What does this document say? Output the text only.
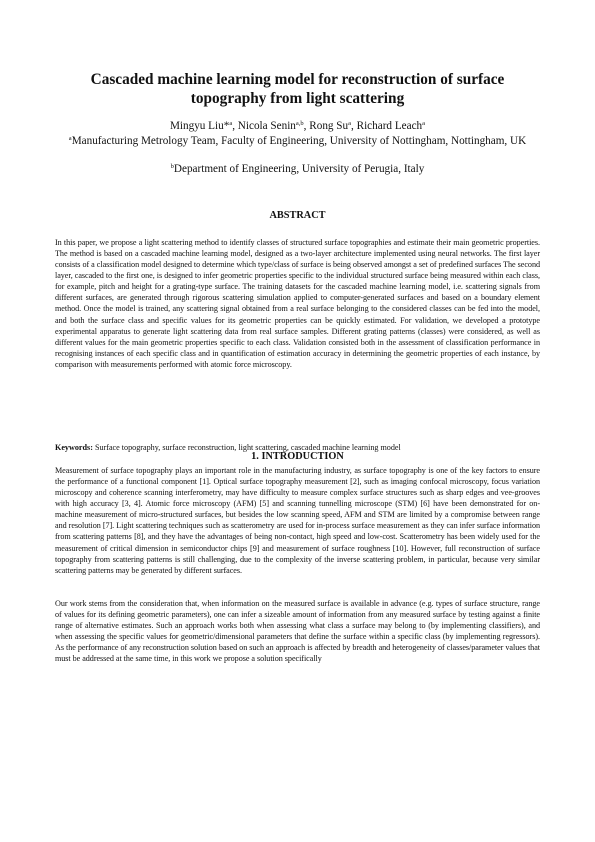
Cascaded machine learning model for reconstruction of surface topography from light scattering
Mingyu Liu*$^a$, Nicola Senin$^{a,b}$, Rong Su$^a$, Richard Leach$^a$
$^a$Manufacturing Metrology Team, Faculty of Engineering, University of Nottingham, Nottingham, UK
$^b$Department of Engineering, University of Perugia, Italy
ABSTRACT

In this paper, we propose a light scattering method to identify classes of structured surface topographies and estimate their main geometric properties. The method is based on a cascaded machine learning model, designed as a two-layer architecture implemented using neural networks. The first layer consists of a classification model designed to determine which type/class of surface is being observed amongst a set of predefined surfaces The second layer, cascaded to the first one, is designed to infer geometric properties specific to the individual structured surface being measured within each class, for example, pitch and height for a grating-type surface. The training datasets for the cascaded machine learning model, i.e. scattering signals from different surfaces, are generated through rigorous scattering simulation applied to computer-generated surfaces and based on a boundary element method. Once the model is trained, any scattering signal obtained from a real surface belonging to the considered classes can be fed into the model, and both the surface class and specific values for its geometric properties can be quickly estimated. For validation, we developed a prototype experimental apparatus to generate light scattering data from real surface samples. Different grating patterns (classes) were considered, as well as different values for the main geometric properties specific to each class. Validation consisted both in the assessment of classification performance in recognising instances of each specific class and in quantification of estimation accuracy in determining the geometric properties of each instance, by comparison with measurements performed with atomic force microscopy.

Keywords: Surface topography, surface reconstruction, light scattering, cascaded machine learning model
1. INTRODUCTION

Measurement of surface topography plays an important role in the manufacturing industry, as surface topography is one of the key factors to ensure the performance of a functional component [1]. Optical surface topography measurement [2], such as imaging confocal microscopy, focus variation microscopy and coherence scanning interferometry, may have difficulty to measure complex surface structures such as sharp edges and vee-grooves with high accuracy [3, 4]. Atomic force microscopy (AFM) [5] and scanning tunnelling microscope (STM) [6] have been demonstrated for on-machine measurement of micro-structured surfaces, but besides the low scanning speed, AFM and STM are limited by a compromise between range and resolution [7]. Light scattering techniques such as scatterometry are used for in-process surface measurement as they can infer surface information from scattering patterns [8], and they have the advantages of being non-contact, high speed and low-cost. Scatterometry has been widely used for the measurement of critical dimension in semiconductor chips [9] and measurement of surface roughness [10]. However, full reconstruction of surface topography from scattering patterns is still challenging, due to the complexity of the inverse scattering problem, in particular, because very similar scattering patterns may be generated by different surfaces.

Our work stems from the consideration that, when information on the measured surface is available in advance (e.g. types of surface structure, range of values for its defining geometric parameters), one can infer a sizeable amount of information from any measured surface by testing against a finite range of alternative estimates. Such an approach works both when assessing what class a surface may belong to (by implementing classifiers), and when assessing the specific values for geometric/dimensional parameters that define the surface within a specific class (by implementing regressors). As the performance of any reconstruction solution based on such an approach is affected by breadth and heterogeneity of classes/parameter values that must be addressed at the same time, in this work we propose a solution specifically
